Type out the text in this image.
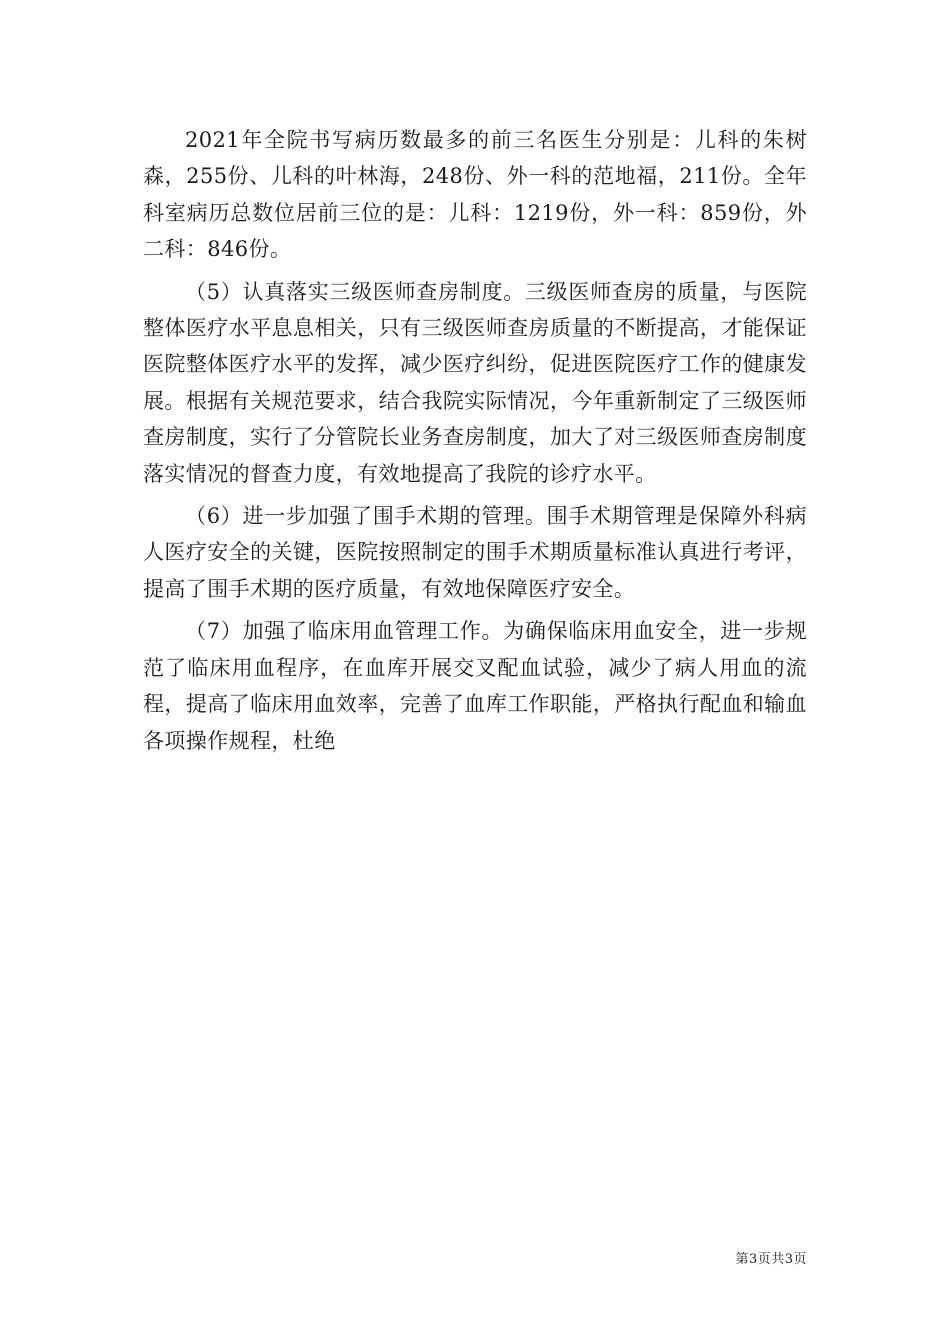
2021年全院书写病历数最多的前三名医生分别是：儿科的朱树森，255份、儿科的叶林海，248份、外一科的范地福，211份。全年科室病历总数位居前三位的是：儿科：1219份，外一科：859份，外二科：846份。

（5）认真落实三级医师查房制度。三级医师查房的质量，与医院整体医疗水平息息相关，只有三级医师查房质量的不断提高，才能保证医院整体医疗水平的发挥，减少医疗纠纷，促进医院医疗工作的健康发展。根据有关规范要求，结合我院实际情况，今年重新制定了三级医师查房制度，实行了分管院长业务查房制度，加大了对三级医师查房制度落实情况的督查力度，有效地提高了我院的诊疗水平。

（6）进一步加强了围手术期的管理。围手术期管理是保障外科病人医疗安全的关键，医院按照制定的围手术期质量标准认真进行考评，提高了围手术期的医疗质量，有效地保障医疗安全。

（7）加强了临床用血管理工作。为确保临床用血安全，进一步规范了临床用血程序，在血库开展交叉配血试验，减少了病人用血的流程，提高了临床用血效率，完善了血库工作职能，严格执行配血和输血各项操作规程，杜绝

第3页共3页
